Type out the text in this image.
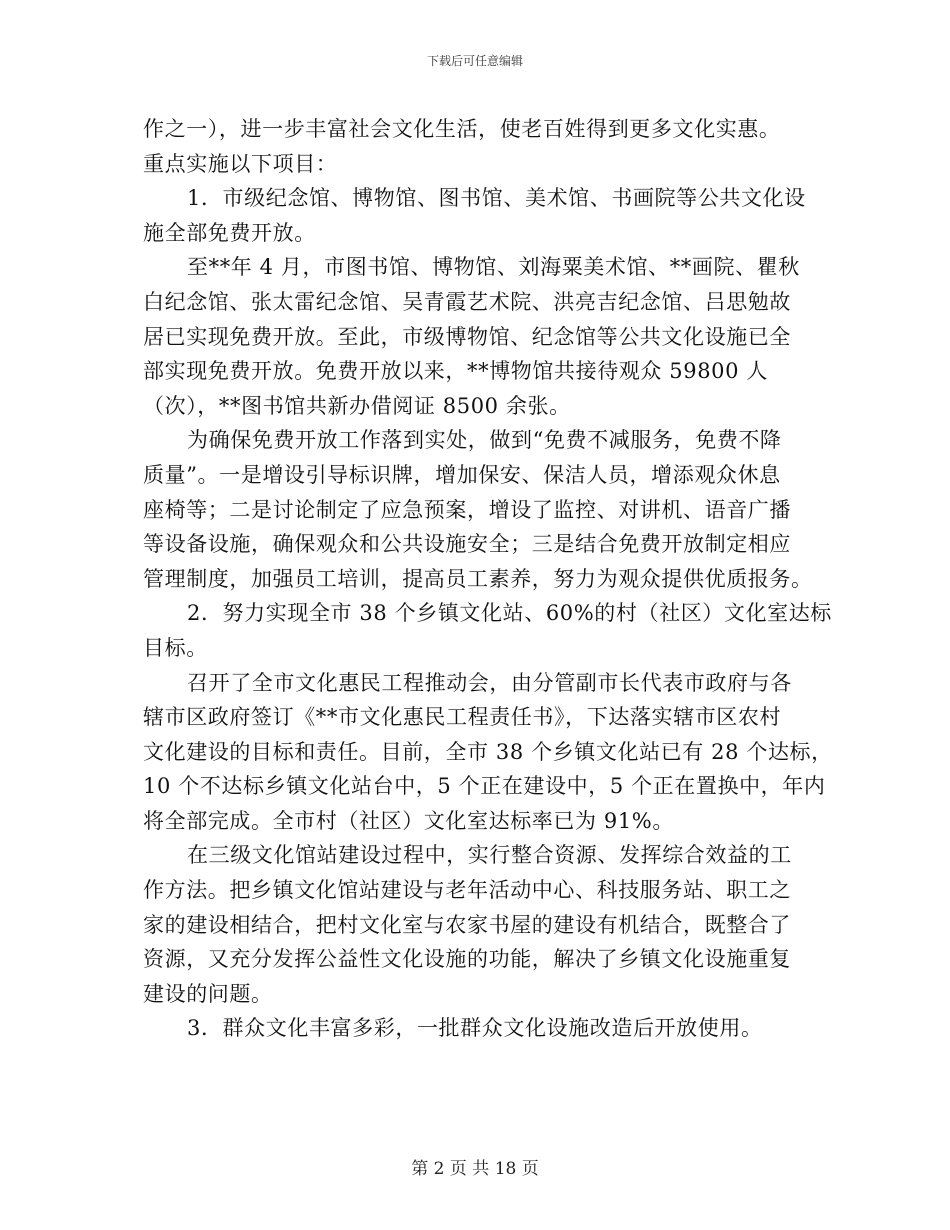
下载后可任意编辑
作之一），进一步丰富社会文化生活，使老百姓得到更多文化实惠。
重点实施以下项目：
1．市级纪念馆、博物馆、图书馆、美术馆、书画院等公共文化设
施全部免费开放。
至**年 4 月，市图书馆、博物馆、刘海粟美术馆、**画院、瞿秋
白纪念馆、张太雷纪念馆、吴青霞艺术院、洪亮吉纪念馆、吕思勉故
居已实现免费开放。至此，市级博物馆、纪念馆等公共文化设施已全
部实现免费开放。免费开放以来，**博物馆共接待观众 59800 人
（次），**图书馆共新办借阅证 8500 余张。
为确保免费开放工作落到实处，做到“免费不减服务，免费不降
质量”。一是增设引导标识牌，增加保安、保洁人员，增添观众休息
座椅等；二是讨论制定了应急预案，增设了监控、对讲机、语音广播
等设备设施，确保观众和公共设施安全；三是结合免费开放制定相应
管理制度，加强员工培训，提高员工素养，努力为观众提供优质报务。
2．努力实现全市 38 个乡镇文化站、60%的村（社区）文化室达标
目标。
召开了全市文化惠民工程推动会，由分管副市长代表市政府与各
辖市区政府签订《**市文化惠民工程责任书》，下达落实辖市区农村
文化建设的目标和责任。目前，全市 38 个乡镇文化站已有 28 个达标，
10 个不达标乡镇文化站台中，5 个正在建设中，5 个正在置换中，年内
将全部完成。全市村（社区）文化室达标率已为 91%。
在三级文化馆站建设过程中，实行整合资源、发挥综合效益的工
作方法。把乡镇文化馆站建设与老年活动中心、科技服务站、职工之
家的建设相结合，把村文化室与农家书屋的建设有机结合，既整合了
资源，又充分发挥公益性文化设施的功能，解决了乡镇文化设施重复
建设的问题。
3．群众文化丰富多彩，一批群众文化设施改造后开放使用。
第 2 页 共 18 页
